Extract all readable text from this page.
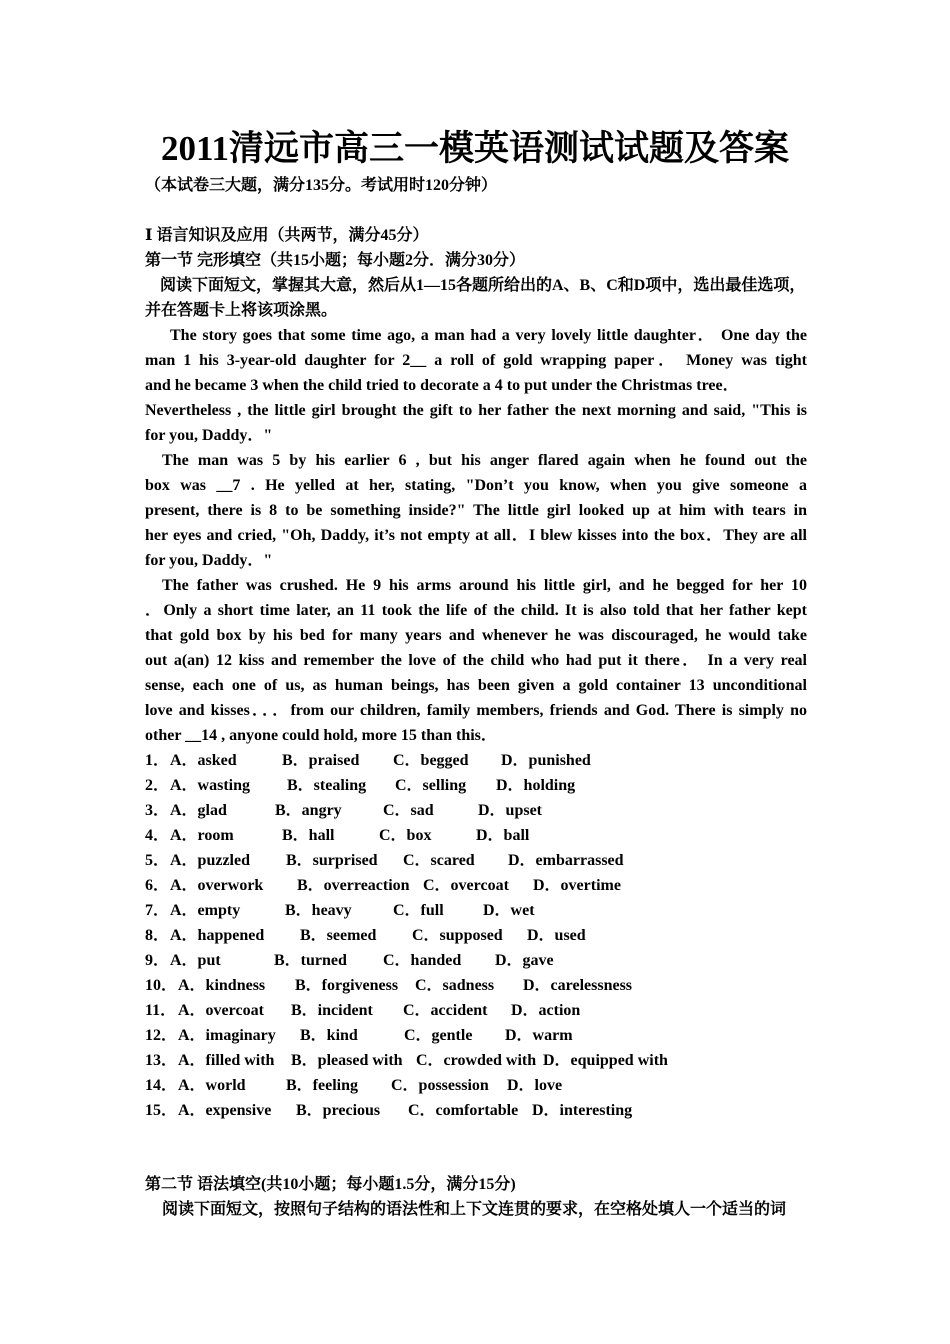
2011清远市高三一模英语测试试题及答案
（本试卷三大题，满分135分。考试用时120分钟）
Ⅰ 语言知识及应用（共两节，满分45分）
第一节 完形填空（共15小题；每小题2分．满分30分）
阅读下面短文，掌握其大意，然后从1—15各题所给出的A、B、C和D项中，选出最佳选项，
并在答题卡上将该项涂黑。
The story goes that some time ago, a man had a very lovely little daughter． One day the
man 1 his 3-year-old daughter for 2__ a roll of gold wrapping paper． Money was tight
and he became 3 when the child tried to decorate a 4 to put under the Christmas tree．
Nevertheless , the little girl brought the gift to her father the next morning and said, "This is
for you, Daddy．"
The man was 5 by his earlier 6 , but his anger flared again when he found out the
box was __7 . He yelled at her, stating, "Don’t you know, when you give someone a
present, there is 8 to be something inside?" The little girl looked up at him with tears in
her eyes and cried, "Oh, Daddy, it’s not empty at all．I blew kisses into the box．They are all
for you, Daddy．"
The father was crushed. He 9 his arms around his little girl, and he begged for her 10
．Only a short time later, an 11 took the life of the child. It is also told that her father kept
that gold box by his bed for many years and whenever he was discouraged, he would take
out a(an) 12 kiss and remember the love of the child who had put it there． In a very real
sense, each one of us, as human beings, has been given a gold container 13 unconditional
love and kisses．．．from our children, family members, friends and God. There is simply no
other __14 , anyone could hold, more 15 than this．
1． A．asked	B．praised C．begged D．punished
2． A．wasting B．stealing C．selling D．holding
3． A．glad	B．angry	C．sad	D．upset
4． A．room	B．hall	C．box	D．ball
5． A．puzzled B．surprised C．scared D．embarrassed
6． A．overwork B．overreaction C．overcoat D．overtime
7． A．empty	B．heavy	C．full D．wet
8． A．happened B．seemed C．supposed D．used
9． A．put	B．turned C．handed D．gave
10． A．kindness B．forgiveness C．sadness D．carelessness
11． A．overcoat B．incident C．accident D．action
12． A．imaginary B．kind	C．gentle D．warm
13． A．filled with B．pleased with C．crowded with D．equipped with
14． A．world	B．feeling C．possession D．love
15． A．expensive B．precious C．comfortable D．interesting
第二节 语法填空(共10小题；每小题1.5分，满分15分)
阅读下面短文，按照句子结构的语法性和上下文连贯的要求，在空格处填人一个适当的词
